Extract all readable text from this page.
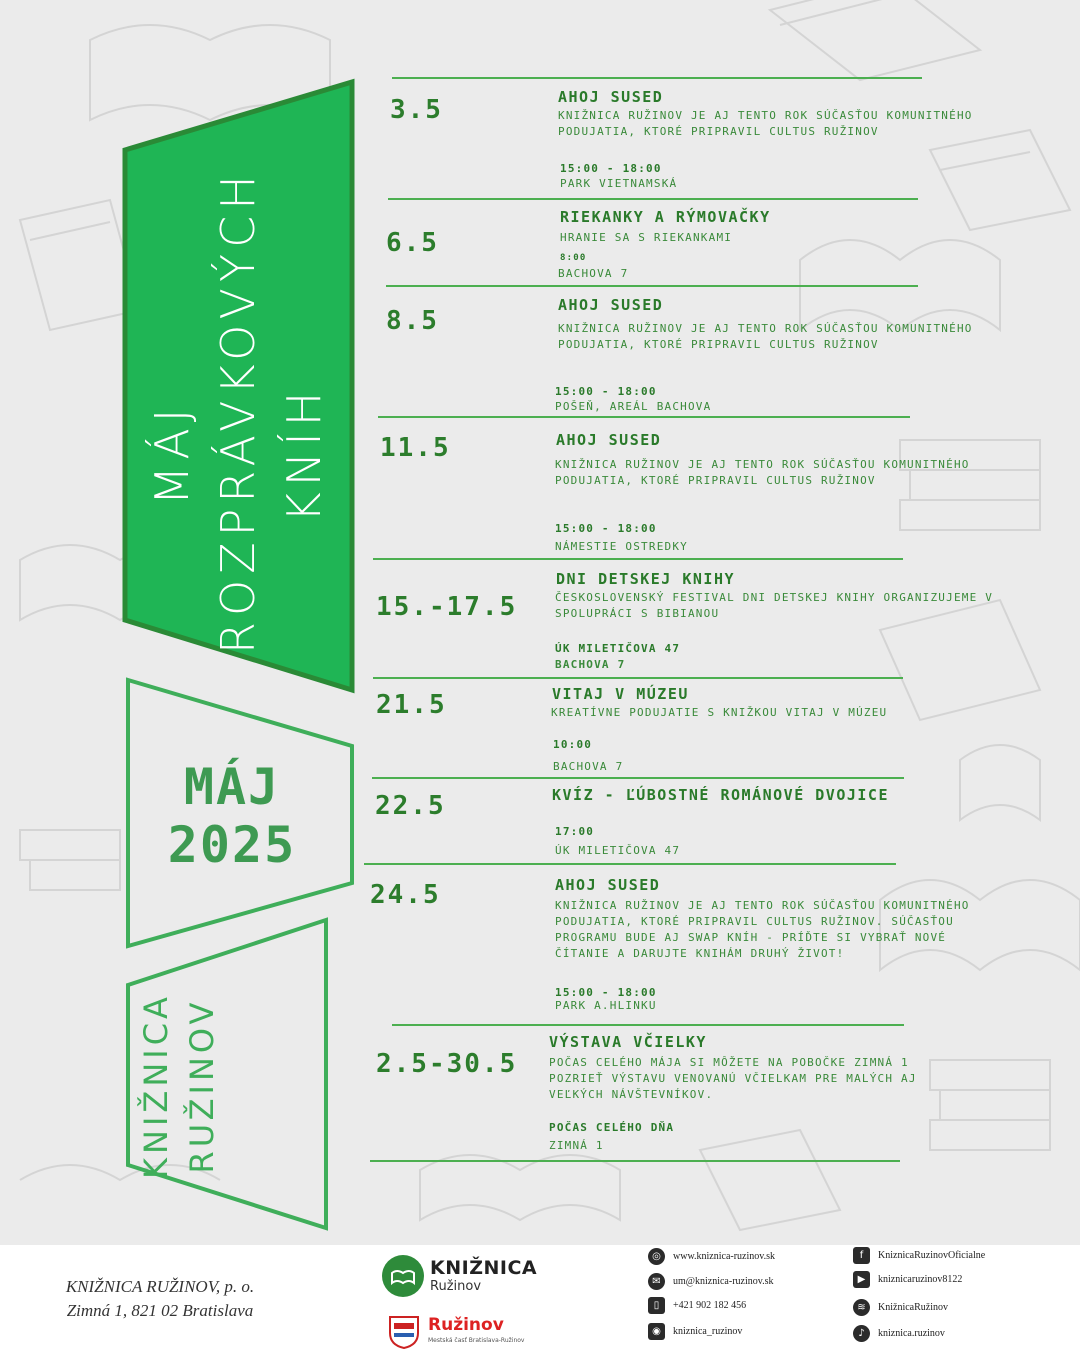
MÁJ ROZPRÁVKOVÝCH KNÍH
MÁJ
2025
KNIŽNICA RUŽINOV
3.5	AHOJ SUSED
KNIŽNICA RUŽINOV JE AJ TENTO ROK SÚČASŤOU KOMUNITNÉHO PODUJATIA, KTORÉ PRIPRAVIL CULTUS RUŽINOV
15:00 - 18:00
PARK VIETNAMSKÁ
6.5
RIEKANKY A RÝMOVAČKY
HRANIE SA S RIEKANKAMI
8:00
BACHOVA 7
8.5
AHOJ SUSED
KNIŽNICA RUŽINOV JE AJ TENTO ROK SÚČASŤOU KOMUNITNÉHO PODUJATIA, KTORÉ PRIPRAVIL CULTUS RUŽINOV
15:00 - 18:00
POŠEŇ, AREÁL BACHOVA
11.5	AHOJ SUSED
KNIŽNICA RUŽINOV JE AJ TENTO ROK SÚČASŤOU KOMUNITNÉHO PODUJATIA, KTORÉ PRIPRAVIL CULTUS RUŽINOV
15:00 - 18:00
NÁMESTIE OSTREDKY
15.-17.5
DNI DETSKEJ KNIHY
ČESKOSLOVENSKÝ FESTIVAL DNI DETSKEJ KNIHY ORGANIZUJEME V SPOLUPRÁCI S BIBIANOU
ÚK MILETIČOVA 47
BACHOVA 7
21.5	VITAJ V MÚZEU
KREATÍVNE PODUJATIE S KNIŽKOU VITAJ V MÚZEU
10:00
BACHOVA 7
22.5	KVÍZ - ĽÚBOSTNÉ ROMÁNOVÉ DVOJICE
17:00
ÚK MILETIČOVA 47
24.5	AHOJ SUSED
KNIŽNICA RUŽINOV JE AJ TENTO ROK SÚČASŤOU KOMUNITNÉHO PODUJATIA, KTORÉ PRIPRAVIL CULTUS RUŽINOV. SÚČASŤOU PROGRAMU BUDE AJ SWAP KNÍH - PRÍĎTE SI VYBRAŤ NOVÉ ČÍTANIE A DARUJTE KNIHÁM DRUHÝ ŽIVOT!
15:00 - 18:00
PARK A.HLINKU
2.5-30.5
VÝSTAVA VČIELKY
POČAS CELÉHO MÁJA SI MÔŽETE NA POBOČKE ZIMNÁ 1 POZRIEŤ VÝSTAVU VENOVANÚ VČIELKAM PRE MALÝCH AJ VEĽKÝCH NÁVŠTEVNÍKOV.
POČAS CELÉHO DŇA
ZIMNÁ 1
KNIŽNICA RUŽINOV, p. o.
Zimná 1, 821 02 Bratislava
KNIŽNICA
Ružinov
Ružinov
Mestská časť Bratislava-Ružinov
◎	www.kniznica-ruzinov.sk
✉	um@kniznica-ruzinov.sk
▯	+421 902 182 456
◉	kniznica_ruzinov
f	KniznicaRuzinovOficialne
▶	kniznicaruzinov8122
≋	KnižnicaRužinov
♪	kniznica.ruzinov
